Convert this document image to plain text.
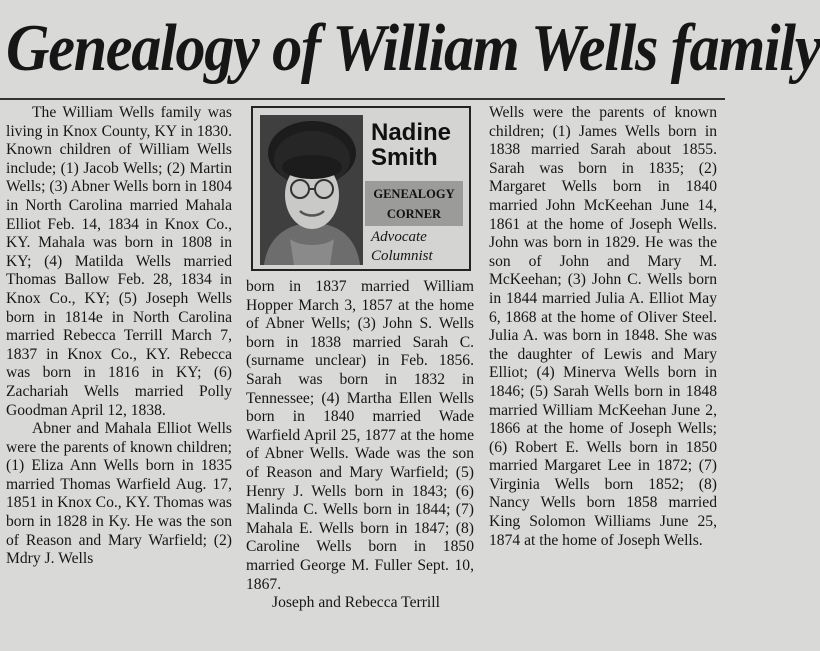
Genealogy of William Wells family

The William Wells family was living in Knox County, KY in 1830. Known children of William Wells include; (1) Jacob Wells; (2) Martin Wells; (3) Abner Wells born in 1804 in North Carolina married Mahala Elliot Feb. 14, 1834 in Knox Co., KY. Mahala was born in 1808 in KY; (4) Matilda Wells married Thomas Ballow Feb. 28, 1834 in Knox Co., KY; (5) Joseph Wells born in 1814e in North Carolina married Rebecca Terrill March 7, 1837 in Knox Co., KY. Rebecca was born in 1816 in KY; (6) Zachariah Wells married Polly Goodman April 12, 1838.

Abner and Mahala Elliot Wells were the parents of known children; (1) Eliza Ann Wells born in 1835 married Thomas Warfield Aug. 17, 1851 in Knox Co., KY. Thomas was born in 1828 in Ky. He was the son of Reason and Mary Warfield; (2) Mdry J. Wells

Nadine
Smith
GENEALOGY
CORNER
Advocate
Columnist

born in 1837 married William Hopper March 3, 1857 at the home of Abner Wells; (3) John S. Wells born in 1838 married Sarah C. (surname unclear) in Feb. 1856. Sarah was born in 1832 in Tennessee; (4) Martha Ellen Wells born in 1840 married Wade Warfield April 25, 1877 at the home of Abner Wells. Wade was the son of Reason and Mary Warfield; (5) Henry J. Wells born in 1843; (6) Malinda C. Wells born in 1844; (7) Mahala E. Wells born in 1847; (8) Caroline Wells born in 1850 married George M. Fuller Sept. 10, 1867.

Joseph and Rebecca Terrill

Wells were the parents of known children; (1) James Wells born in 1838 married Sarah about 1855. Sarah was born in 1835; (2) Margaret Wells born in 1840 married John McKeehan June 14, 1861 at the home of Joseph Wells. John was born in 1829. He was the son of John and Mary M. McKeehan; (3) John C. Wells born in 1844 married Julia A. Elliot May 6, 1868 at the home of Oliver Steel. Julia A. was born in 1848. She was the daughter of Lewis and Mary Elliot; (4) Minerva Wells born in 1846; (5) Sarah Wells born in 1848 married William McKeehan June 2, 1866 at the home of Joseph Wells; (6) Robert E. Wells born in 1850 married Margaret Lee in 1872; (7) Virginia Wells born 1852; (8) Nancy Wells born 1858 married King Solomon Williams June 25, 1874 at the home of Joseph Wells.
